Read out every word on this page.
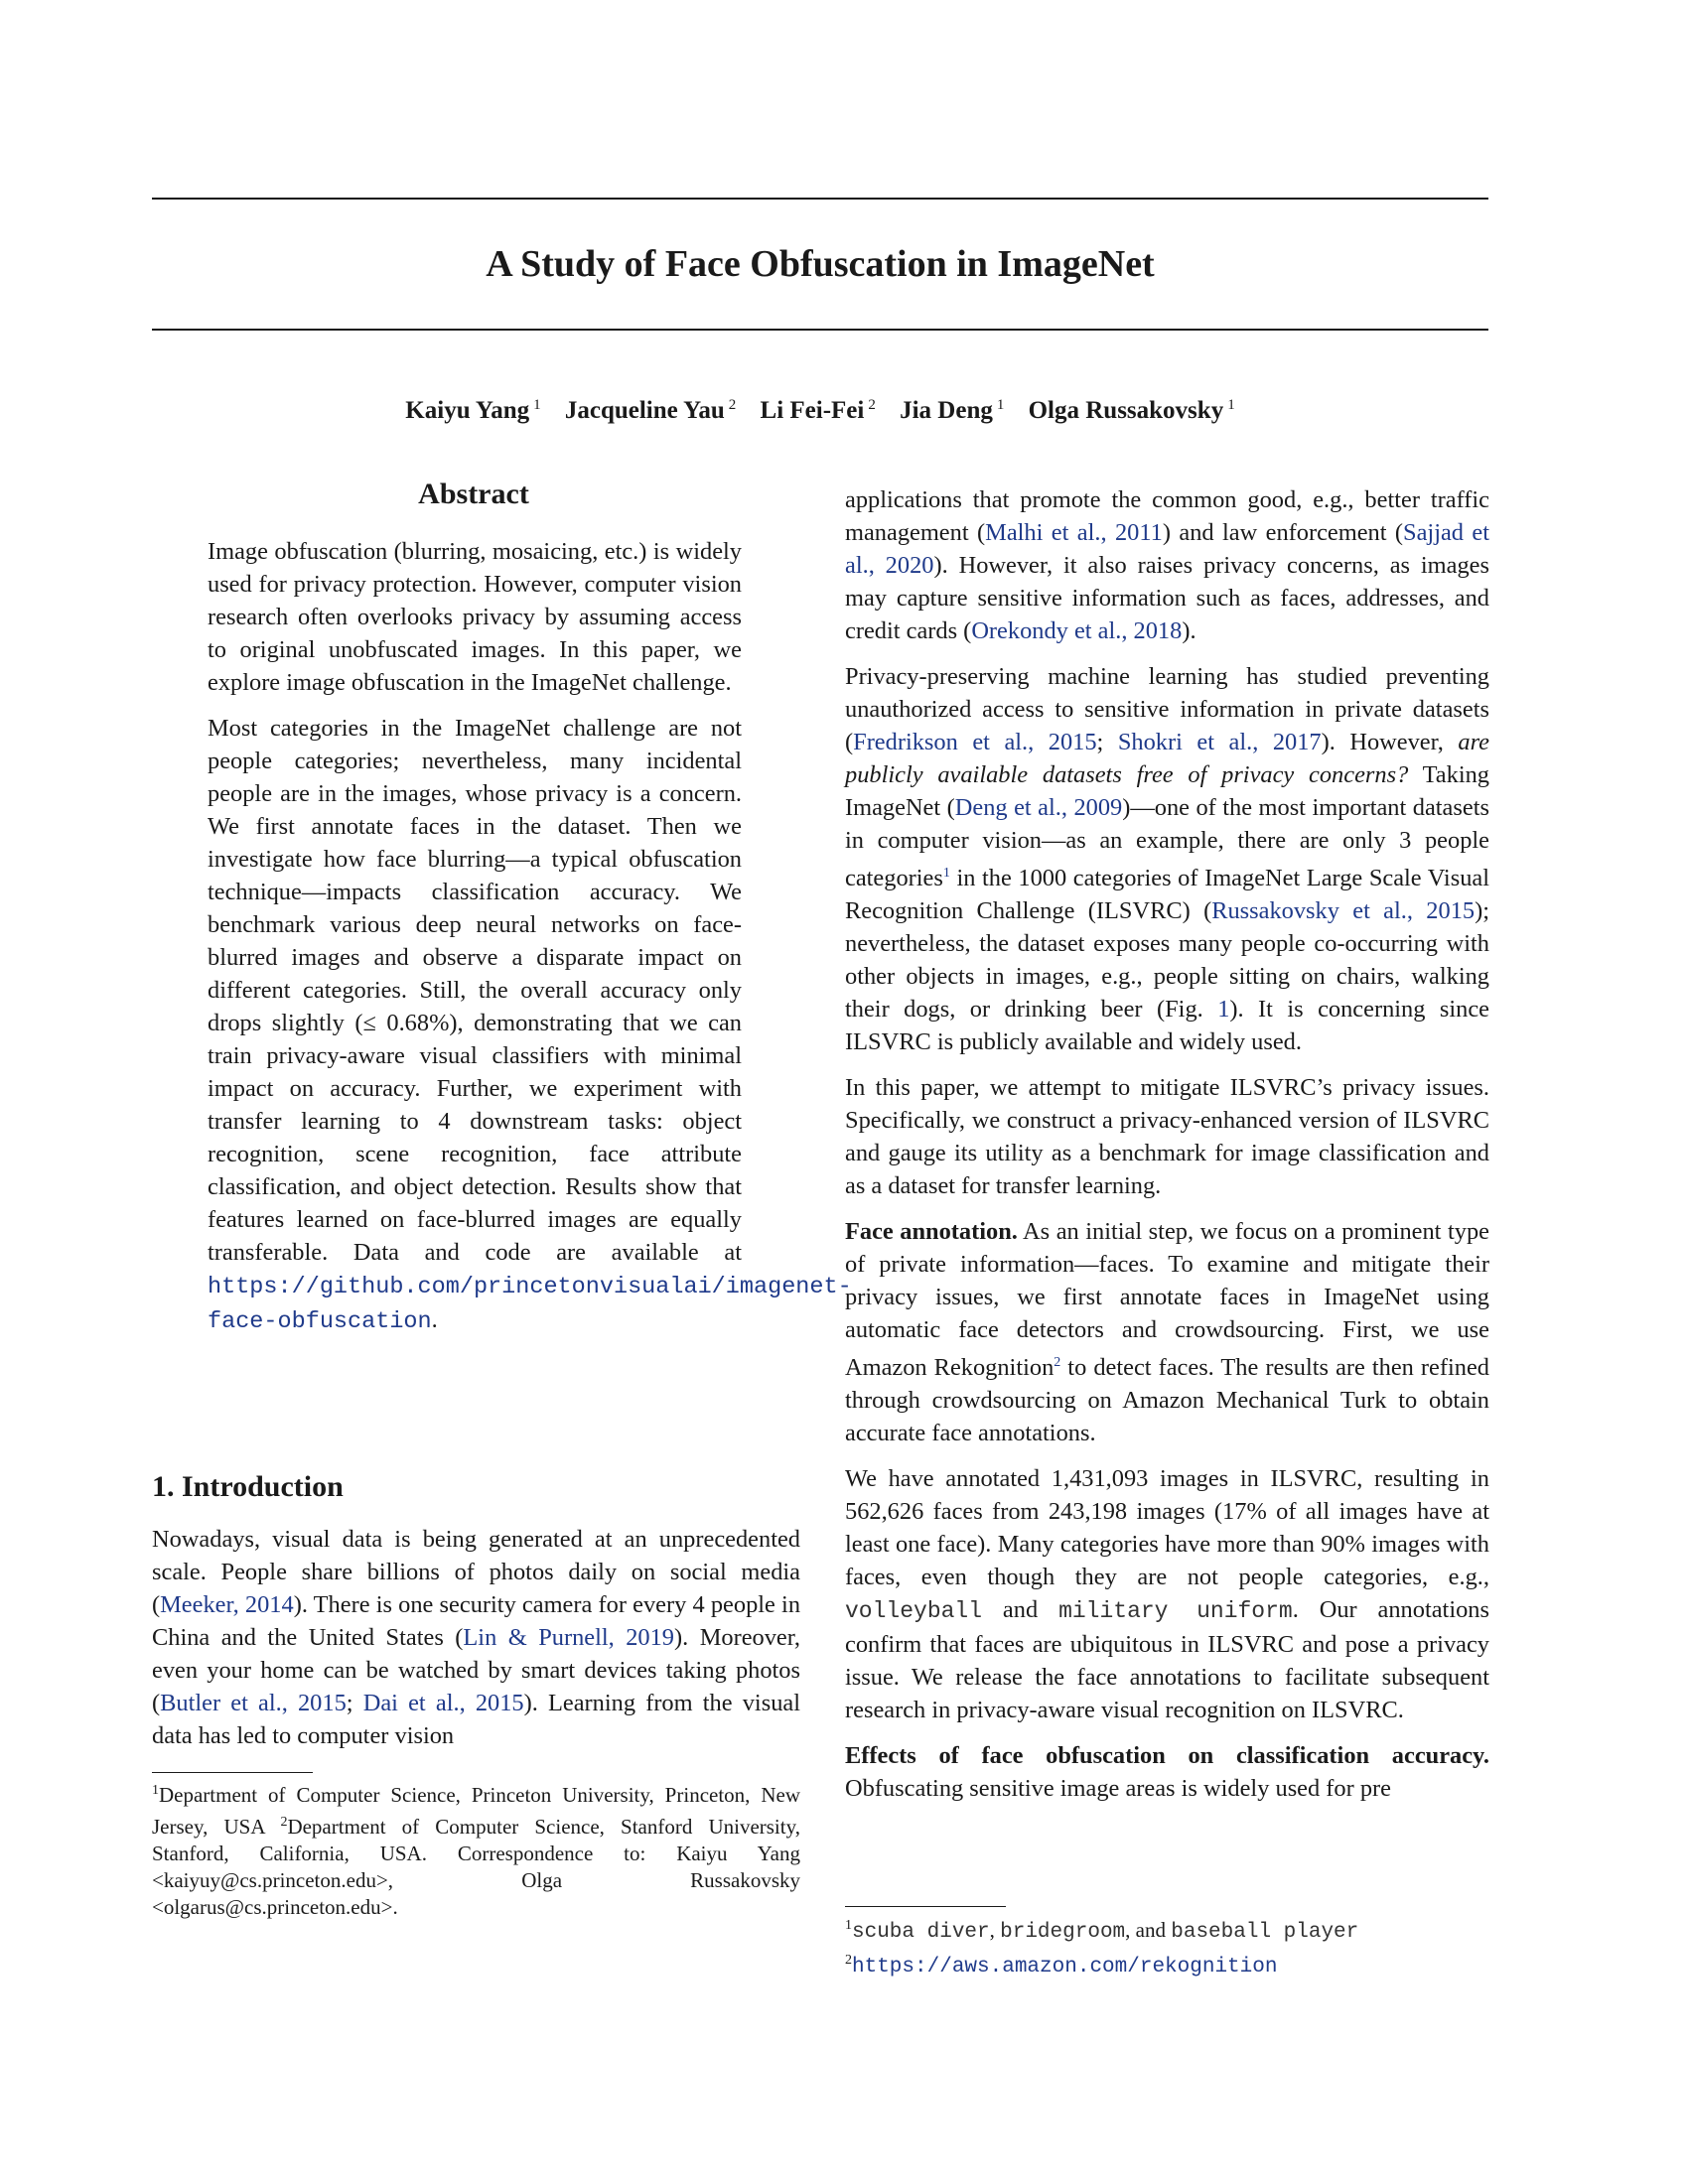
A Study of Face Obfuscation in ImageNet
Kaiyu Yang $^1$ Jacqueline Yau $^2$ Li Fei-Fei $^2$ Jia Deng $^1$ Olga Russakovsky $^1$
Abstract

Image obfuscation (blurring, mosaicing, etc.) is widely used for privacy protection. However, computer vision research often overlooks privacy by assuming access to original unobfuscated images. In this paper, we explore image obfuscation in the ImageNet challenge.

Most categories in the ImageNet challenge are not people categories; nevertheless, many incidental people are in the images, whose privacy is a concern. We first annotate faces in the dataset. Then we investigate how face blurring—a typical obfuscation technique—impacts classification accuracy. We benchmark various deep neural networks on face-blurred images and observe a disparate impact on different categories. Still, the overall accuracy only drops slightly (≤ 0.68%), demonstrating that we can train privacy-aware visual classifiers with minimal impact on accuracy. Further, we experiment with transfer learning to 4 downstream tasks: object recognition, scene recognition, face attribute classification, and object detection. Results show that features learned on face-blurred images are equally transferable. Data and code are available at https://github.com/princetonvisualai/imagenet-face-obfuscation.

1. Introduction

Nowadays, visual data is being generated at an unprecedented scale. People share billions of photos daily on social media (Meeker, 2014). There is one security camera for every 4 people in China and the United States (Lin & Purnell, 2019). Moreover, even your home can be watched by smart devices taking photos (Butler et al., 2015; Dai et al., 2015). Learning from the visual data has led to computer vision

$^1$Department of Computer Science, Princeton University, Princeton, New Jersey, USA $^2$Department of Computer Science, Stanford University, Stanford, California, USA. Correspondence to: Kaiyu Yang <kaiyuy@cs.princeton.edu>, Olga Russakovsky <olgarus@cs.princeton.edu>.

applications that promote the common good, e.g., better traffic management (Malhi et al., 2011) and law enforcement (Sajjad et al., 2020). However, it also raises privacy concerns, as images may capture sensitive information such as faces, addresses, and credit cards (Orekondy et al., 2018).

Privacy-preserving machine learning has studied preventing unauthorized access to sensitive information in private datasets (Fredrikson et al., 2015; Shokri et al., 2017). However, are publicly available datasets free of privacy concerns? Taking ImageNet (Deng et al., 2009)—one of the most important datasets in computer vision—as an example, there are only 3 people categories$^1$ in the 1000 categories of ImageNet Large Scale Visual Recognition Challenge (ILSVRC) (Russakovsky et al., 2015); nevertheless, the dataset exposes many people co-occurring with other objects in images, e.g., people sitting on chairs, walking their dogs, or drinking beer (Fig. 1). It is concerning since ILSVRC is publicly available and widely used.

In this paper, we attempt to mitigate ILSVRC’s privacy issues. Specifically, we construct a privacy-enhanced version of ILSVRC and gauge its utility as a benchmark for image classification and as a dataset for transfer learning.

Face annotation. As an initial step, we focus on a prominent type of private information—faces. To examine and mitigate their privacy issues, we first annotate faces in ImageNet using automatic face detectors and crowdsourcing. First, we use Amazon Rekognition$^2$ to detect faces. The results are then refined through crowdsourcing on Amazon Mechanical Turk to obtain accurate face annotations.

We have annotated 1,431,093 images in ILSVRC, resulting in 562,626 faces from 243,198 images (17% of all images have at least one face). Many categories have more than 90% images with faces, even though they are not people categories, e.g., volleyball and military uniform. Our annotations confirm that faces are ubiquitous in ILSVRC and pose a privacy issue. We release the face annotations to facilitate subsequent research in privacy-aware visual recognition on ILSVRC.

Effects of face obfuscation on classification accuracy. Obfuscating sensitive image areas is widely used for pre

$^1$scuba diver, bridegroom, and baseball player
$^2$https://aws.amazon.com/rekognition
